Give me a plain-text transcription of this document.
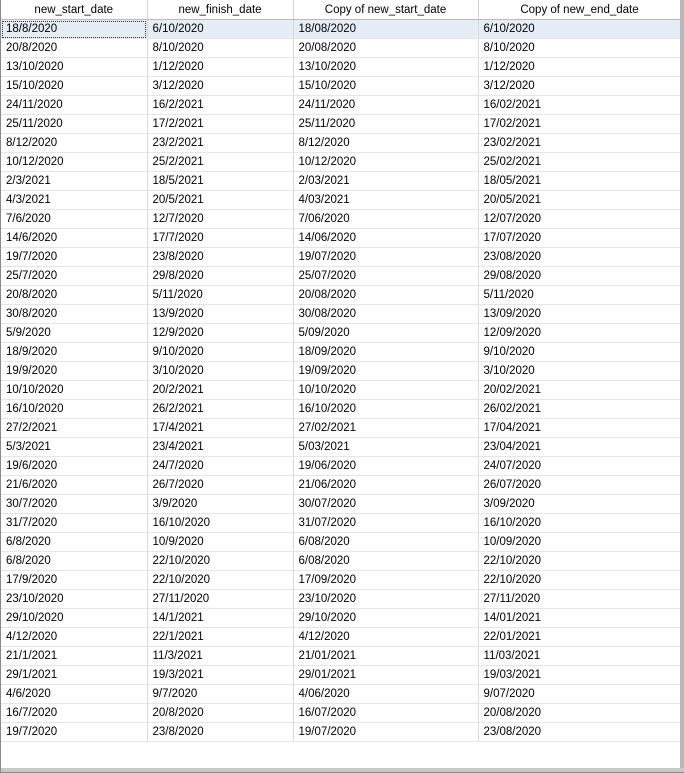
new_start_date	new_finish_date	Copy of new_start_date	Copy of new_end_date
18/8/2020	6/10/2020	18/08/2020	6/10/2020
20/8/2020	8/10/2020	20/08/2020	8/10/2020
13/10/2020	1/12/2020	13/10/2020	1/12/2020
15/10/2020	3/12/2020	15/10/2020	3/12/2020
24/11/2020	16/2/2021	24/11/2020	16/02/2021
25/11/2020	17/2/2021	25/11/2020	17/02/2021
8/12/2020	23/2/2021	8/12/2020	23/02/2021
10/12/2020	25/2/2021	10/12/2020	25/02/2021
2/3/2021	18/5/2021	2/03/2021	18/05/2021
4/3/2021	20/5/2021	4/03/2021	20/05/2021
7/6/2020	12/7/2020	7/06/2020	12/07/2020
14/6/2020	17/7/2020	14/06/2020	17/07/2020
19/7/2020	23/8/2020	19/07/2020	23/08/2020
25/7/2020	29/8/2020	25/07/2020	29/08/2020
20/8/2020	5/11/2020	20/08/2020	5/11/2020
30/8/2020	13/9/2020	30/08/2020	13/09/2020
5/9/2020	12/9/2020	5/09/2020	12/09/2020
18/9/2020	9/10/2020	18/09/2020	9/10/2020
19/9/2020	3/10/2020	19/09/2020	3/10/2020
10/10/2020	20/2/2021	10/10/2020	20/02/2021
16/10/2020	26/2/2021	16/10/2020	26/02/2021
27/2/2021	17/4/2021	27/02/2021	17/04/2021
5/3/2021	23/4/2021	5/03/2021	23/04/2021
19/6/2020	24/7/2020	19/06/2020	24/07/2020
21/6/2020	26/7/2020	21/06/2020	26/07/2020
30/7/2020	3/9/2020	30/07/2020	3/09/2020
31/7/2020	16/10/2020	31/07/2020	16/10/2020
6/8/2020	10/9/2020	6/08/2020	10/09/2020
6/8/2020	22/10/2020	6/08/2020	22/10/2020
17/9/2020	22/10/2020	17/09/2020	22/10/2020
23/10/2020	27/11/2020	23/10/2020	27/11/2020
29/10/2020	14/1/2021	29/10/2020	14/01/2021
4/12/2020	22/1/2021	4/12/2020	22/01/2021
21/1/2021	11/3/2021	21/01/2021	11/03/2021
29/1/2021	19/3/2021	29/01/2021	19/03/2021
4/6/2020	9/7/2020	4/06/2020	9/07/2020
16/7/2020	20/8/2020	16/07/2020	20/08/2020
19/7/2020	23/8/2020	19/07/2020	23/08/2020
